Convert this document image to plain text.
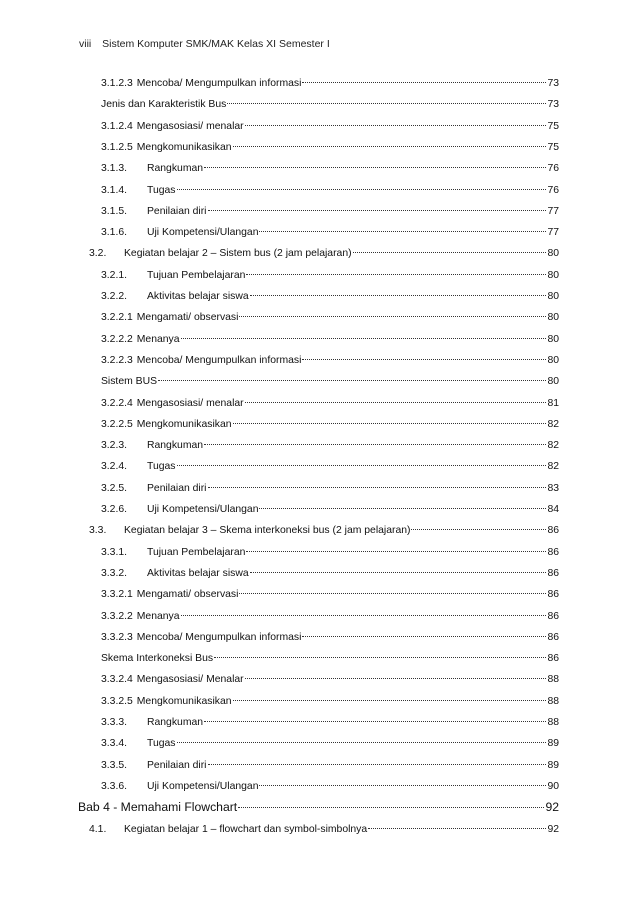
viii Sistem Komputer SMK/MAK Kelas XI Semester I
3.1.2.3 Mencoba/ Mengumpulkan informasi	73
Jenis dan Karakteristik Bus	73
3.1.2.4 Mengasosiasi/ menalar	75
3.1.2.5 Mengkomunikasikan	75
3.1.3.	Rangkuman	76
3.1.4.	Tugas	76
3.1.5.	Penilaian diri	77
3.1.6.	Uji Kompetensi/Ulangan	77
3.2.	Kegiatan belajar 2 – Sistem bus (2 jam pelajaran)	80
3.2.1.	Tujuan Pembelajaran	80
3.2.2.	Aktivitas belajar siswa	80
3.2.2.1 Mengamati/ observasi	80
3.2.2.2 Menanya	80
3.2.2.3 Mencoba/ Mengumpulkan informasi	80
Sistem BUS	80
3.2.2.4 Mengasosiasi/ menalar	81
3.2.2.5 Mengkomunikasikan	82
3.2.3.	Rangkuman	82
3.2.4.	Tugas	82
3.2.5.	Penilaian diri	83
3.2.6.	Uji Kompetensi/Ulangan	84
3.3.	Kegiatan belajar 3 – Skema interkoneksi bus (2 jam pelajaran)	86
3.3.1.	Tujuan Pembelajaran	86
3.3.2.	Aktivitas belajar siswa	86
3.3.2.1 Mengamati/ observasi	86
3.3.2.2 Menanya	86
3.3.2.3 Mencoba/ Mengumpulkan informasi	86
Skema Interkoneksi Bus	86
3.3.2.4 Mengasosiasi/ Menalar	88
3.3.2.5 Mengkomunikasikan	88
3.3.3.	Rangkuman	88
3.3.4.	Tugas	89
3.3.5.	Penilaian diri	89
3.3.6.	Uji Kompetensi/Ulangan	90
Bab 4 - Memahami Flowchart	92
4.1.	Kegiatan belajar 1 – flowchart dan symbol-simbolnya	92
